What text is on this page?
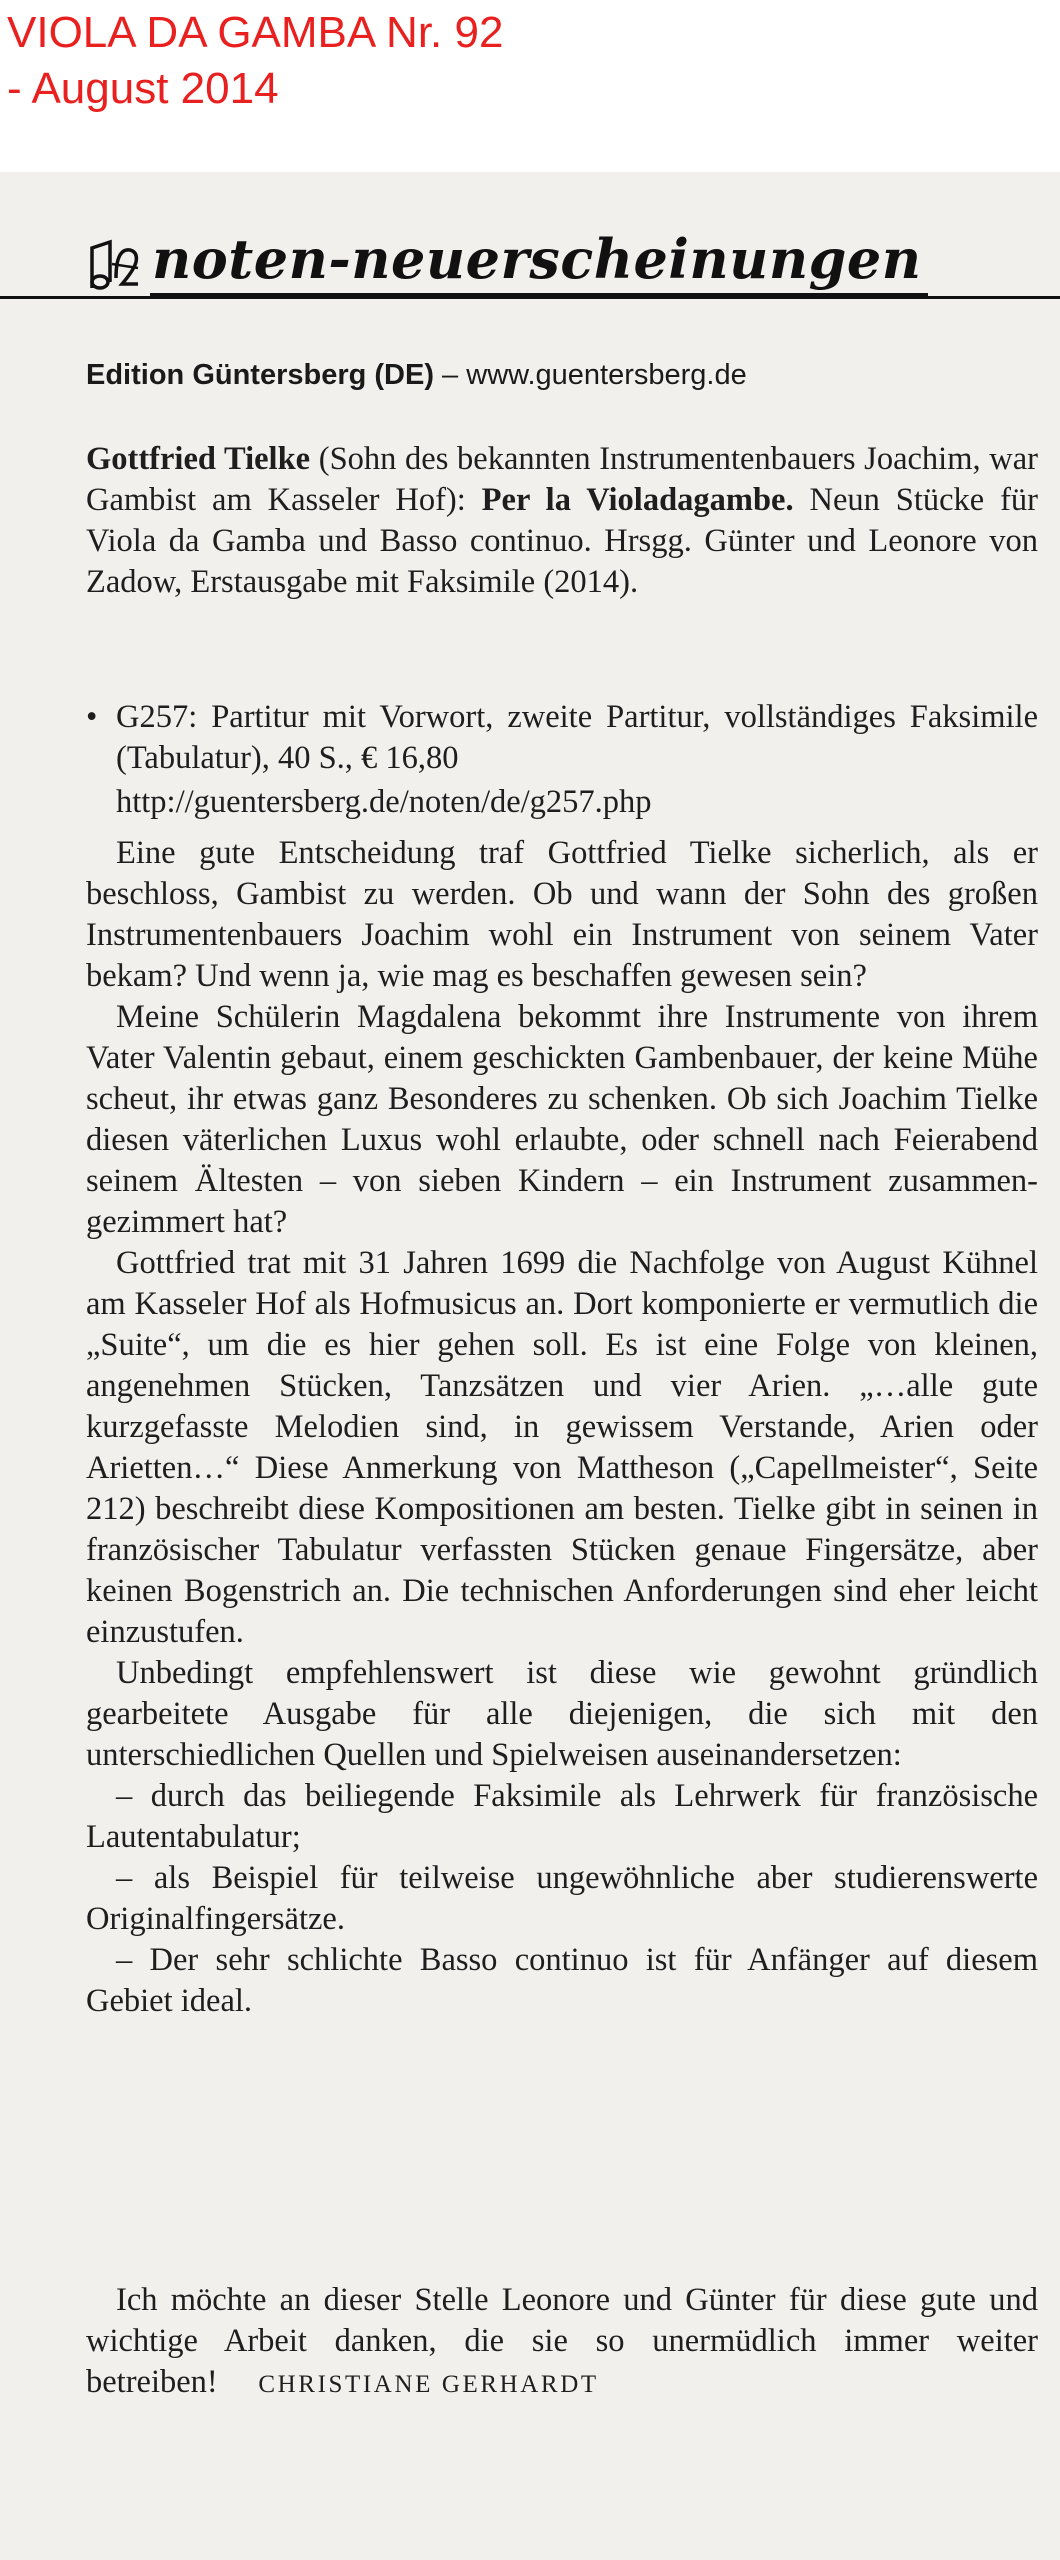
VIOLA DA GAMBA Nr. 92
- August 2014
noten-neuerscheinungen
Edition Güntersberg (DE) – www.guentersberg.de

Gottfried Tielke (Sohn des bekannten Instrumentenbauers Joachim, war Gambist am Kasseler Hof): Per la Violadagambe. Neun Stücke für Viola da Gamba und Basso continuo. Hrsgg. Günter und Leonore von Zadow, Erstausgabe mit Faksimile (2014).

• G257: Partitur mit Vorwort, zweite Partitur, vollständiges Faksimile (Tabulatur), 40 S., € 16,80
http://guentersberg.de/noten/de/g257.php

Eine gute Entscheidung traf Gottfried Tielke sicherlich, als er beschloss, Gambist zu werden. Ob und wann der Sohn des großen Instrumentenbauers Joachim wohl ein Instrument von seinem Vater bekam? Und wenn ja, wie mag es beschaffen gewesen sein?

Meine Schülerin Magdalena bekommt ihre Instrumente von ihrem Vater Valentin gebaut, einem geschickten Gambenbauer, der keine Mühe scheut, ihr etwas ganz Besonderes zu schenken. Ob sich Joachim Tielke diesen väterlichen Luxus wohl erlaubte, oder schnell nach Feierabend seinem Ältesten – von sieben Kindern – ein Instrument zusammengezimmert hat?

Gottfried trat mit 31 Jahren 1699 die Nachfolge von August Kühnel am Kasseler Hof als Hofmusicus an. Dort komponierte er vermutlich die „Suite“, um die es hier gehen soll. Es ist eine Folge von kleinen, angenehmen Stücken, Tanzsätzen und vier Arien. „…alle gute kurzgefasste Melodien sind, in gewissem Verstande, Arien oder Arietten…“ Diese Anmerkung von Mattheson („Capellmeister“, Seite 212) beschreibt diese Kompositionen am besten. Tielke gibt in seinen in französischer Tabulatur verfassten Stücken genaue Fingersätze, aber keinen Bogenstrich an. Die technischen Anforderungen sind eher leicht einzustufen.

Unbedingt empfehlenswert ist diese wie gewohnt gründlich gearbeitete Ausgabe für alle diejenigen, die sich mit den unterschiedlichen Quellen und Spielweisen auseinandersetzen:

– durch das beiliegende Faksimile als Lehrwerk für französische Lautentabulatur;

– als Beispiel für teilweise ungewöhnliche aber studierenswerte Originalfingersätze.

– Der sehr schlichte Basso continuo ist für Anfänger auf diesem Gebiet ideal.

Ich möchte an dieser Stelle Leonore und Günter für diese gute und wichtige Arbeit danken, die sie so unermüdlich immer weiter betreiben! CHRISTIANE GERHARDT
